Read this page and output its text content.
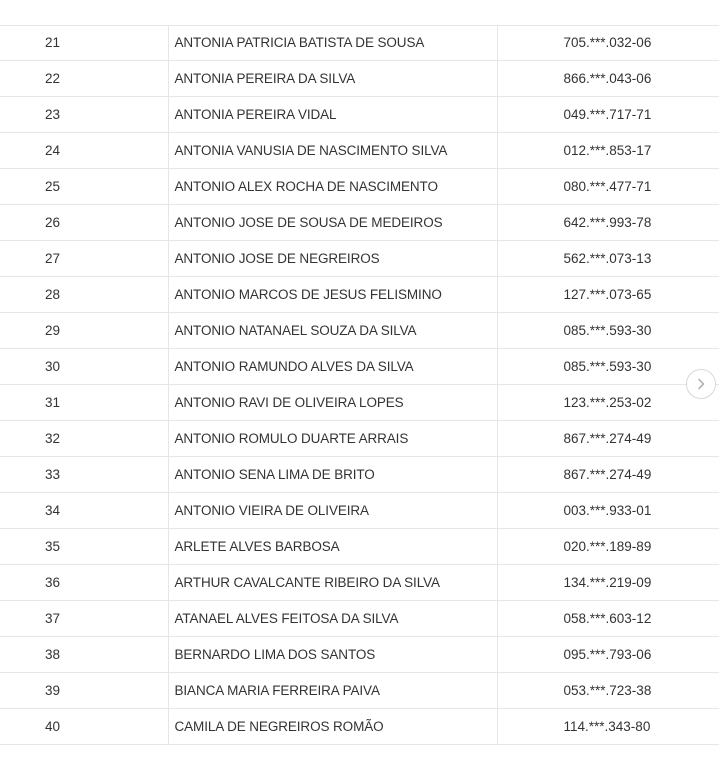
21	ANTONIA PATRICIA BATISTA DE SOUSA	705.***.032-06
22	ANTONIA PEREIRA DA SILVA	866.***.043-06
23	ANTONIA PEREIRA VIDAL	049.***.717-71
24	ANTONIA VANUSIA DE NASCIMENTO SILVA	012.***.853-17
25	ANTONIO ALEX ROCHA DE NASCIMENTO	080.***.477-71
26	ANTONIO JOSE DE SOUSA DE MEDEIROS	642.***.993-78
27	ANTONIO JOSE DE NEGREIROS	562.***.073-13
28	ANTONIO MARCOS DE JESUS FELISMINO	127.***.073-65
29	ANTONIO NATANAEL SOUZA DA SILVA	085.***.593-30
30	ANTONIO RAMUNDO ALVES DA SILVA	085.***.593-30
31	ANTONIO RAVI DE OLIVEIRA LOPES	123.***.253-02
32	ANTONIO ROMULO DUARTE ARRAIS	867.***.274-49
33	ANTONIO SENA LIMA DE BRITO	867.***.274-49
34	ANTONIO VIEIRA DE OLIVEIRA	003.***.933-01
35	ARLETE ALVES BARBOSA	020.***.189-89
36	ARTHUR CAVALCANTE RIBEIRO DA SILVA	134.***.219-09
37	ATANAEL ALVES FEITOSA DA SILVA	058.***.603-12
38	BERNARDO LIMA DOS SANTOS	095.***.793-06
39	BIANCA MARIA FERREIRA PAIVA	053.***.723-38
40	CAMILA DE NEGREIROS ROMÃO	114.***.343-80
